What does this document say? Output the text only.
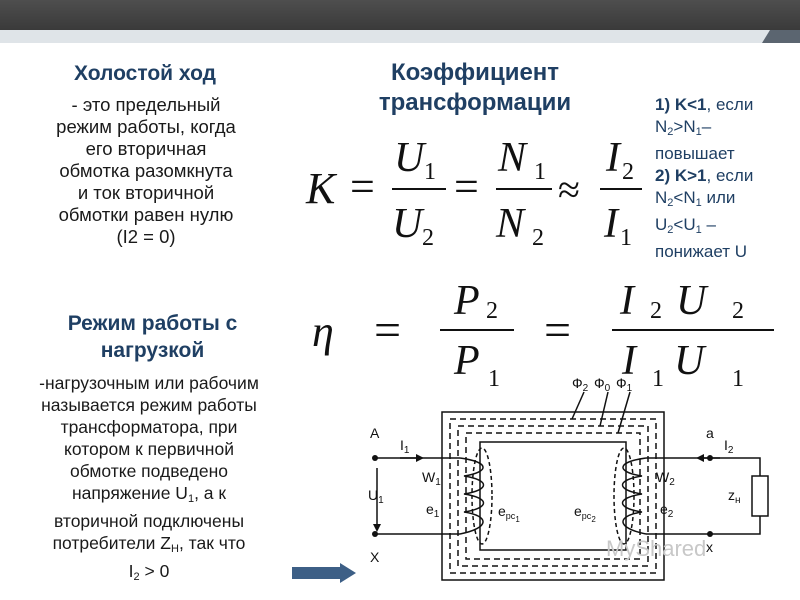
Холостой ход
- это предельный
режим работы, когда
его вторичная
обмотка разомкнута
и ток вторичной
обмотки равен нулю
(I2 = 0)
Режим работы с
нагрузкой
-нагрузочным или рабочим
называется режим работы
трансформатора, при
котором к первичной
обмотке подведено
напряжение $U_1$, а к
вторичной подключены
потребители $Z_H$, так что
$I_2 > 0$
Коэффициент
трансформации	1) K<1, если
$N_2>N_1-$
повышает
2) K>1, если
$N_2<N_1$ или
$U_2<U_1$ –
понижает U
K =
U 1
U 2
=
N 1
N 2
≈
I 2
I 1
η =
P 2
P 1
=
I 2 U 2
I 1 U 1
$Ф_2$ $Ф_0$ $Ф_1$
A
X
a
x
$I_1$	$I_2$
$U_1$
$W_1$	$W_2$
$e_1$	$e_2$
$e_{pc1}$
$e_{pc2}$
$z_н$
MyShared
